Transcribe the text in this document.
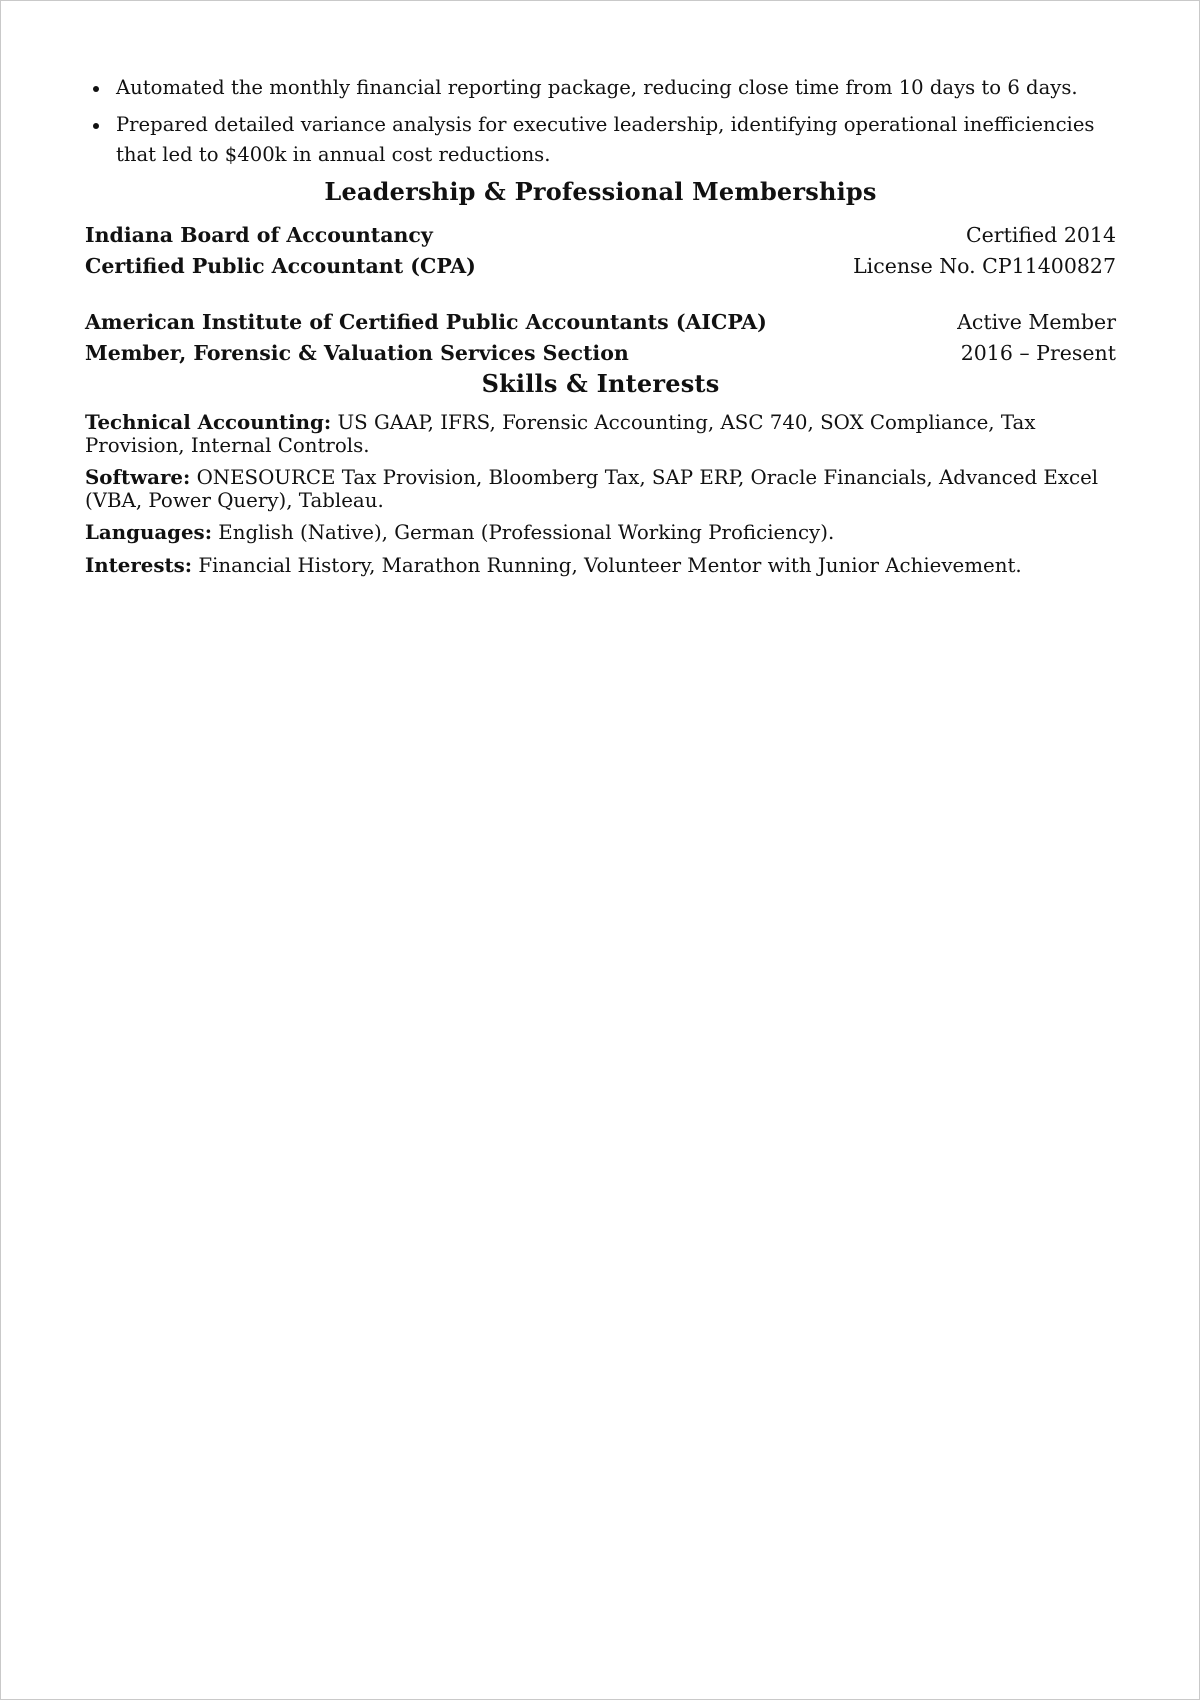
Automated the monthly financial reporting package, reducing close time from 10 days to 6 days.
Prepared detailed variance analysis for executive leadership, identifying operational inefficiencies that led to $400k in annual cost reductions.
Leadership & Professional Memberships
Indiana Board of Accountancy	Certified 2014
Certified Public Accountant (CPA)	License No. CP11400827
American Institute of Certified Public Accountants (AICPA)	Active Member
Member, Forensic & Valuation Services Section	2016 – Present
Skills & Interests
Technical Accounting: US GAAP, IFRS, Forensic Accounting, ASC 740, SOX Compliance, Tax Provision, Internal Controls.
Software: ONESOURCE Tax Provision, Bloomberg Tax, SAP ERP, Oracle Financials, Advanced Excel (VBA, Power Query), Tableau.
Languages: English (Native), German (Professional Working Proficiency).
Interests: Financial History, Marathon Running, Volunteer Mentor with Junior Achievement.
